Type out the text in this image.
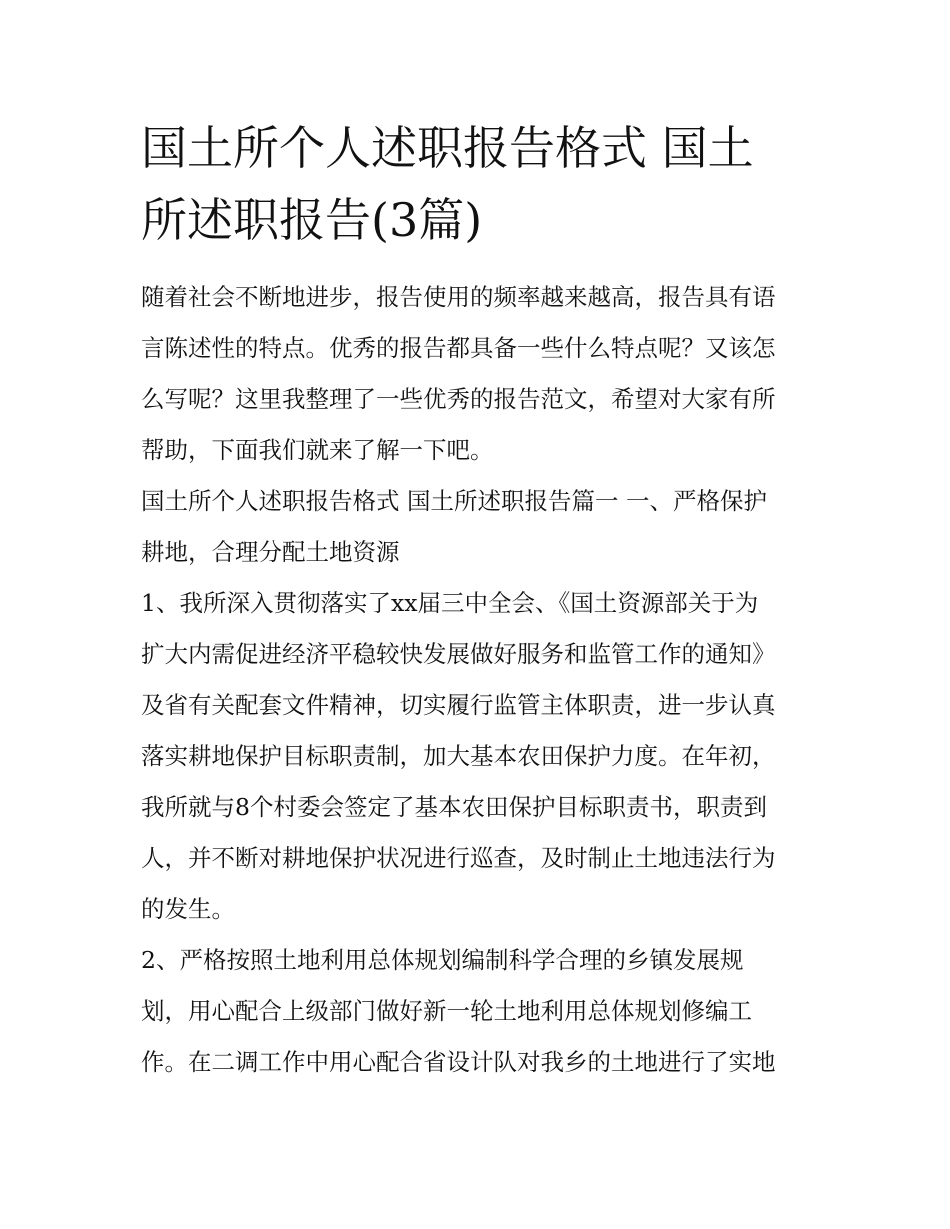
国土所个人述职报告格式 国土
所述职报告(3篇)

随着社会不断地进步，报告使用的频率越来越高，报告具有语
言陈述性的特点。优秀的报告都具备一些什么特点呢？又该怎
么写呢？这里我整理了一些优秀的报告范文，希望对大家有所
帮助，下面我们就来了解一下吧。

国土所个人述职报告格式 国土所述职报告篇一 一、严格保护
耕地，合理分配土地资源

1、我所深入贯彻落实了xx届三中全会、《国土资源部关于为
扩大内需促进经济平稳较快发展做好服务和监管工作的通知》
及省有关配套文件精神，切实履行监管主体职责，进一步认真
落实耕地保护目标职责制，加大基本农田保护力度。在年初，
我所就与8个村委会签定了基本农田保护目标职责书，职责到
人，并不断对耕地保护状况进行巡查，及时制止土地违法行为
的发生。

2、严格按照土地利用总体规划编制科学合理的乡镇发展规
划，用心配合上级部门做好新一轮土地利用总体规划修编工
作。在二调工作中用心配合省设计队对我乡的土地进行了实地
